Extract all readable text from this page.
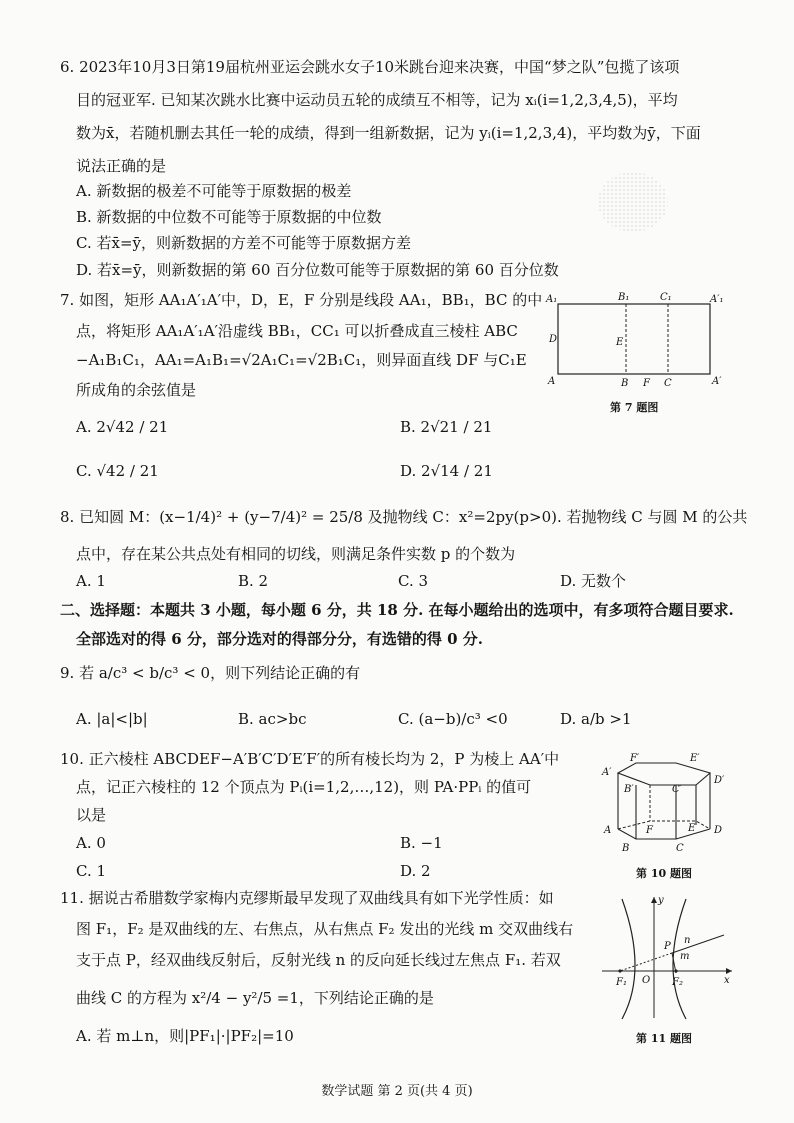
6. 2023年10月3日第19届杭州亚运会跳水女子10米跳台迎来决赛，中国“梦之队”包揽了该项
目的冠亚军. 已知某次跳水比赛中运动员五轮的成绩互不相等，记为 xᵢ(i=1,2,3,4,5)，平均
数为x̄，若随机删去其任一轮的成绩，得到一组新数据，记为 yᵢ(i=1,2,3,4)，平均数为ȳ，下面
说法正确的是
A. 新数据的极差不可能等于原数据的极差
B. 新数据的中位数不可能等于原数据的中位数
C. 若x̄=ȳ，则新数据的方差不可能等于原数据方差
D. 若x̄=ȳ，则新数据的第 60 百分位数可能等于原数据的第 60 百分位数
7. 如图，矩形 AA₁A′₁A′中，D，E，F 分别是线段 AA₁，BB₁，BC 的中
点，将矩形 AA₁A′₁A′沿虚线 BB₁，CC₁ 可以折叠成直三棱柱 ABC
−A₁B₁C₁，AA₁=A₁B₁=√2A₁C₁=√2B₁C₁，则异面直线 DF 与C₁E
所成角的余弦值是
A. 2√42 / 21	B. 2√21 / 21
C. √42 / 21	D. 2√14 / 21
A₁	B₁	C₁	A′₁
D	E
A	B F C	A′
第 7 题图
8. 已知圆 M：(x−1/4)² + (y−7/4)² = 25/8 及抛物线 C：x²=2py(p>0). 若抛物线 C 与圆 M 的公共
点中，存在某公共点处有相同的切线，则满足条件实数 p 的个数为
A. 1	B. 2	C. 3	D. 无数个
二、选择题：本题共 3 小题，每小题 6 分，共 18 分. 在每小题给出的选项中，有多项符合题目要求.
全部选对的得 6 分，部分选对的得部分分，有选错的得 0 分.
9. 若 a/c³ < b/c³ < 0，则下列结论正确的有
A. |a|<|b|	B. ac>bc	C. (a−b)/c³ <0	D. a/b >1
10. 正六棱柱 ABCDEF−A′B′C′D′E′F′的所有棱长均为 2，P 为棱上 AA′中
点，记正六棱柱的 12 个顶点为 Pᵢ(i=1,2,…,12)，则 PA·PPᵢ 的值可
以是
A. 0	B. −1
C. 1	D. 2
F′	E′
A′
B′	C′
D′
F	E
A
B	C
D
第 10 题图
11. 据说古希腊数学家梅内克缪斯最早发现了双曲线具有如下光学性质：如
图 F₁，F₂ 是双曲线的左、右焦点，从右焦点 F₂ 发出的光线 m 交双曲线右
支于点 P，经双曲线反射后，反射光线 n 的反向延长线过左焦点 F₁. 若双
曲线 C 的方程为 x²/4 − y²/5 =1，下列结论正确的是
A. 若 m⊥n，则|PF₁|·|PF₂|=10
y
P
n
m
F₁ O F₂	x
第 11 题图
数学试题 第 2 页(共 4 页)
